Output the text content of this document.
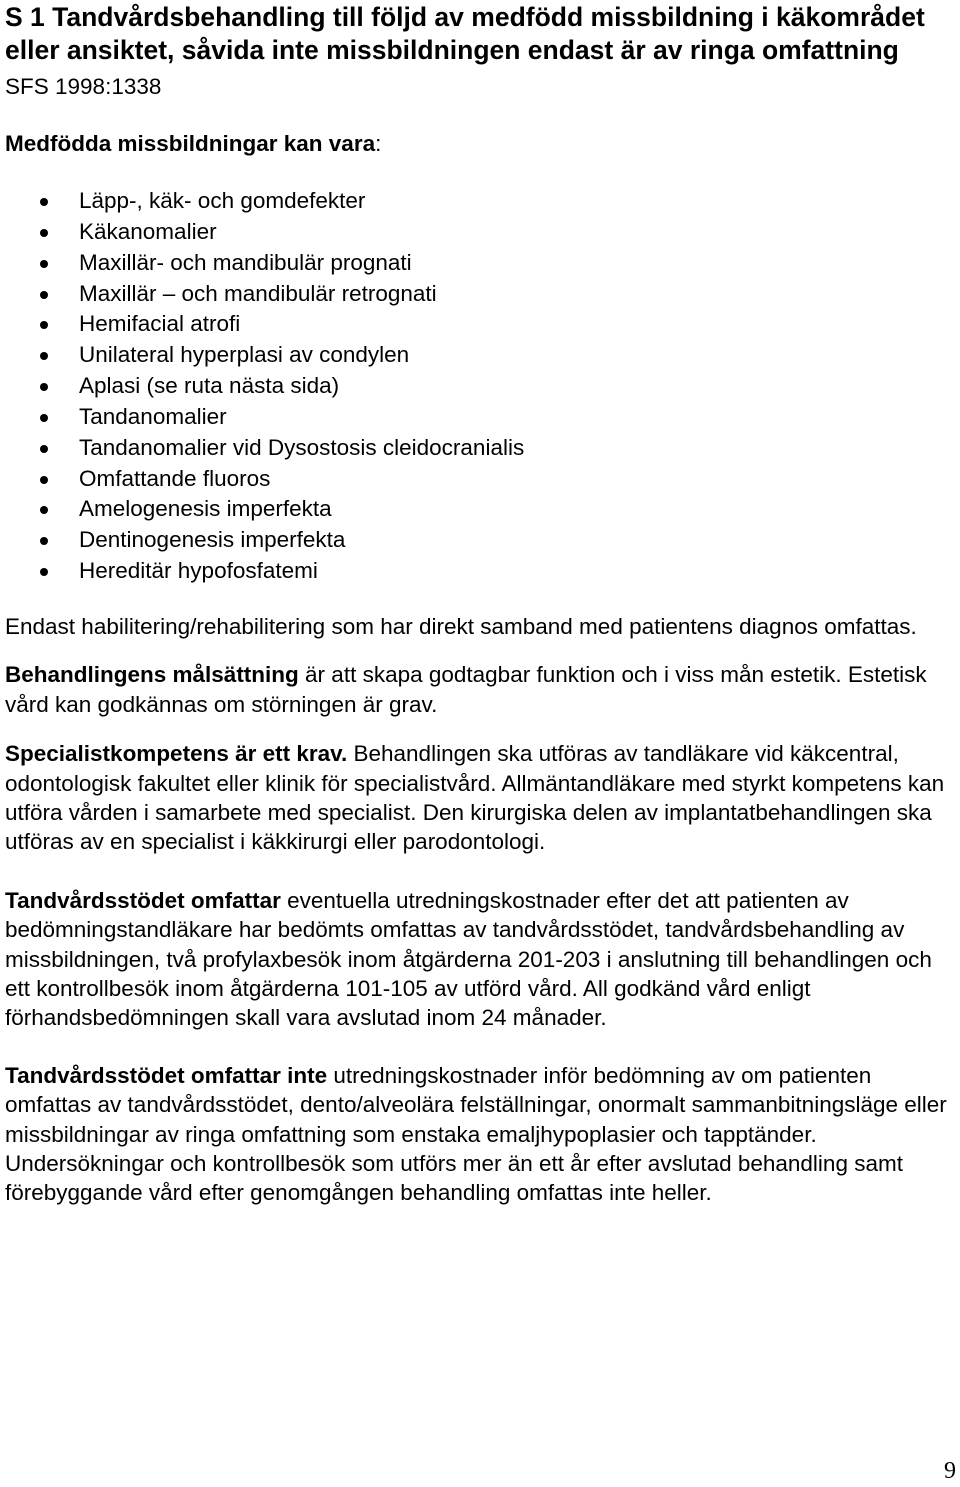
S 1 Tandvårdsbehandling till följd av medfödd missbildning i käkområdet eller ansiktet, såvida inte missbildningen endast är av ringa omfattning
SFS 1998:1338
Medfödda missbildningar kan vara:
Läpp-, käk- och gomdefekter
Käkanomalier
Maxillär- och mandibulär prognati
Maxillär – och mandibulär retrognati
Hemifacial atrofi
Unilateral hyperplasi av condylen
Aplasi (se ruta nästa sida)
Tandanomalier
Tandanomalier vid Dysostosis cleidocranialis
Omfattande fluoros
Amelogenesis imperfekta
Dentinogenesis imperfekta
Hereditär hypofosfatemi

Endast habilitering/rehabilitering som har direkt samband med patientens diagnos omfattas.

Behandlingens målsättning är att skapa godtagbar funktion och i viss mån estetik. Estetisk vård kan godkännas om störningen är grav.

Specialistkompetens är ett krav. Behandlingen ska utföras av tandläkare vid käkcentral, odontologisk fakultet eller klinik för specialistvård. Allmäntandläkare med styrkt kompetens kan utföra vården i samarbete med specialist. Den kirurgiska delen av implantatbehandlingen ska utföras av en specialist i käkkirurgi eller parodontologi.

Tandvårdsstödet omfattar eventuella utredningskostnader efter det att patienten av bedömningstandläkare har bedömts omfattas av tandvårdsstödet, tandvårdsbehandling av missbildningen, två profylaxbesök inom åtgärderna 201-203 i anslutning till behandlingen och ett kontrollbesök inom åtgärderna 101-105 av utförd vård. All godkänd vård enligt förhandsbedömningen skall vara avslutad inom 24 månader.

Tandvårdsstödet omfattar inte utredningskostnader inför bedömning av om patienten omfattas av tandvårdsstödet, dento/alveolära felställningar, onormalt sammanbitningsläge eller missbildningar av ringa omfattning som enstaka emaljhypoplasier och tapptänder. Undersökningar och kontrollbesök som utförs mer än ett år efter avslutad behandling samt förebyggande vård efter genomgången behandling omfattas inte heller.

9
